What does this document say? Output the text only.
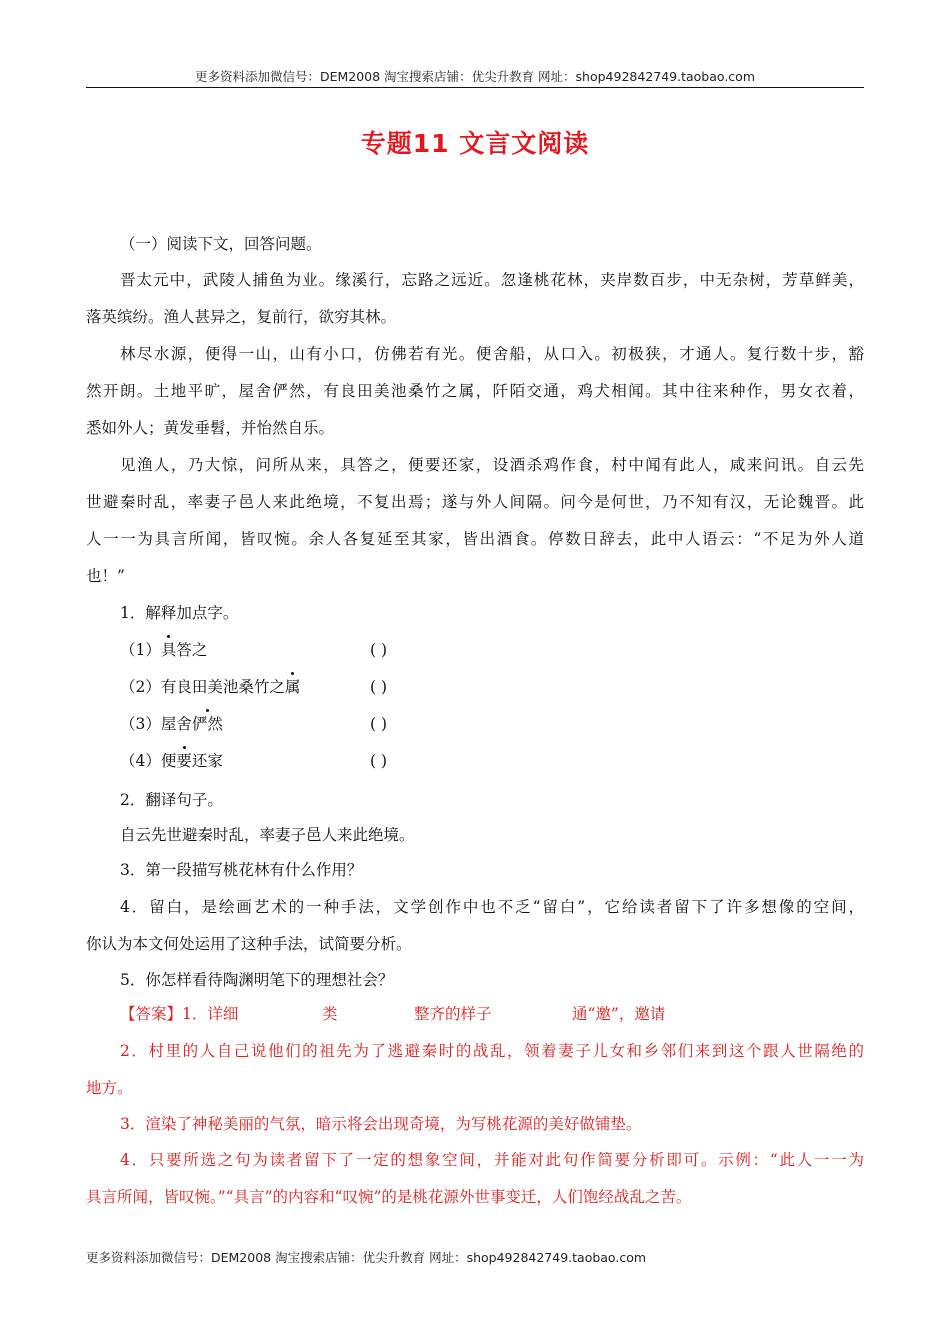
更多资料添加微信号：DEM2008 淘宝搜索店铺：优尖升教育 网址：shop492842749.taobao.com
专题11 文言文阅读
（一）阅读下文，回答问题。
晋太元中，武陵人捕鱼为业。缘溪行，忘路之远近。忽逢桃花林，夹岸数百步，中无杂树，芳草鲜美，
落英缤纷。渔人甚异之，复前行，欲穷其林。
林尽水源，便得一山，山有小口，仿佛若有光。便舍船，从口入。初极狭，才通人。复行数十步，豁
然开朗。土地平旷，屋舍俨然，有良田美池桑竹之属，阡陌交通，鸡犬相闻。其中往来种作，男女衣着，
悉如外人；黄发垂髫，并怡然自乐。
见渔人，乃大惊，问所从来，具答之，便要还家，设酒杀鸡作食，村中闻有此人，咸来问讯。自云先
世避秦时乱，率妻子邑人来此绝境，不复出焉；遂与外人间隔。问今是何世，乃不知有汉，无论魏晋。此
人一一为具言所闻，皆叹惋。余人各复延至其家，皆出酒食。停数日辞去，此中人语云：“不足为外人道
也！”
1．解释加点字。
（1）具答之	( )
（2）有良田美池桑竹之属	( )
（3）屋舍俨然	( )
（4）便要还家	( )
2．翻译句子。
自云先世避秦时乱，率妻子邑人来此绝境。
3．第一段描写桃花林有什么作用？
4．留白，是绘画艺术的一种手法，文学创作中也不乏“留白”，它给读者留下了许多想像的空间，
你认为本文何处运用了这种手法，试简要分析。
5．你怎样看待陶渊明笔下的理想社会？
【答案】1．详细	类	整齐的样子	通“邀”，邀请
2．村里的人自己说他们的祖先为了逃避秦时的战乱，领着妻子儿女和乡邻们来到这个跟人世隔绝的
地方。
3．渲染了神秘美丽的气氛，暗示将会出现奇境，为写桃花源的美好做铺垫。
4．只要所选之句为读者留下了一定的想象空间，并能对此句作简要分析即可。示例：“此人一一为
具言所闻，皆叹惋。”“具言”的内容和“叹惋”的是桃花源外世事变迁，人们饱经战乱之苦。
更多资料添加微信号：DEM2008 淘宝搜索店铺：优尖升教育 网址：shop492842749.taobao.com
